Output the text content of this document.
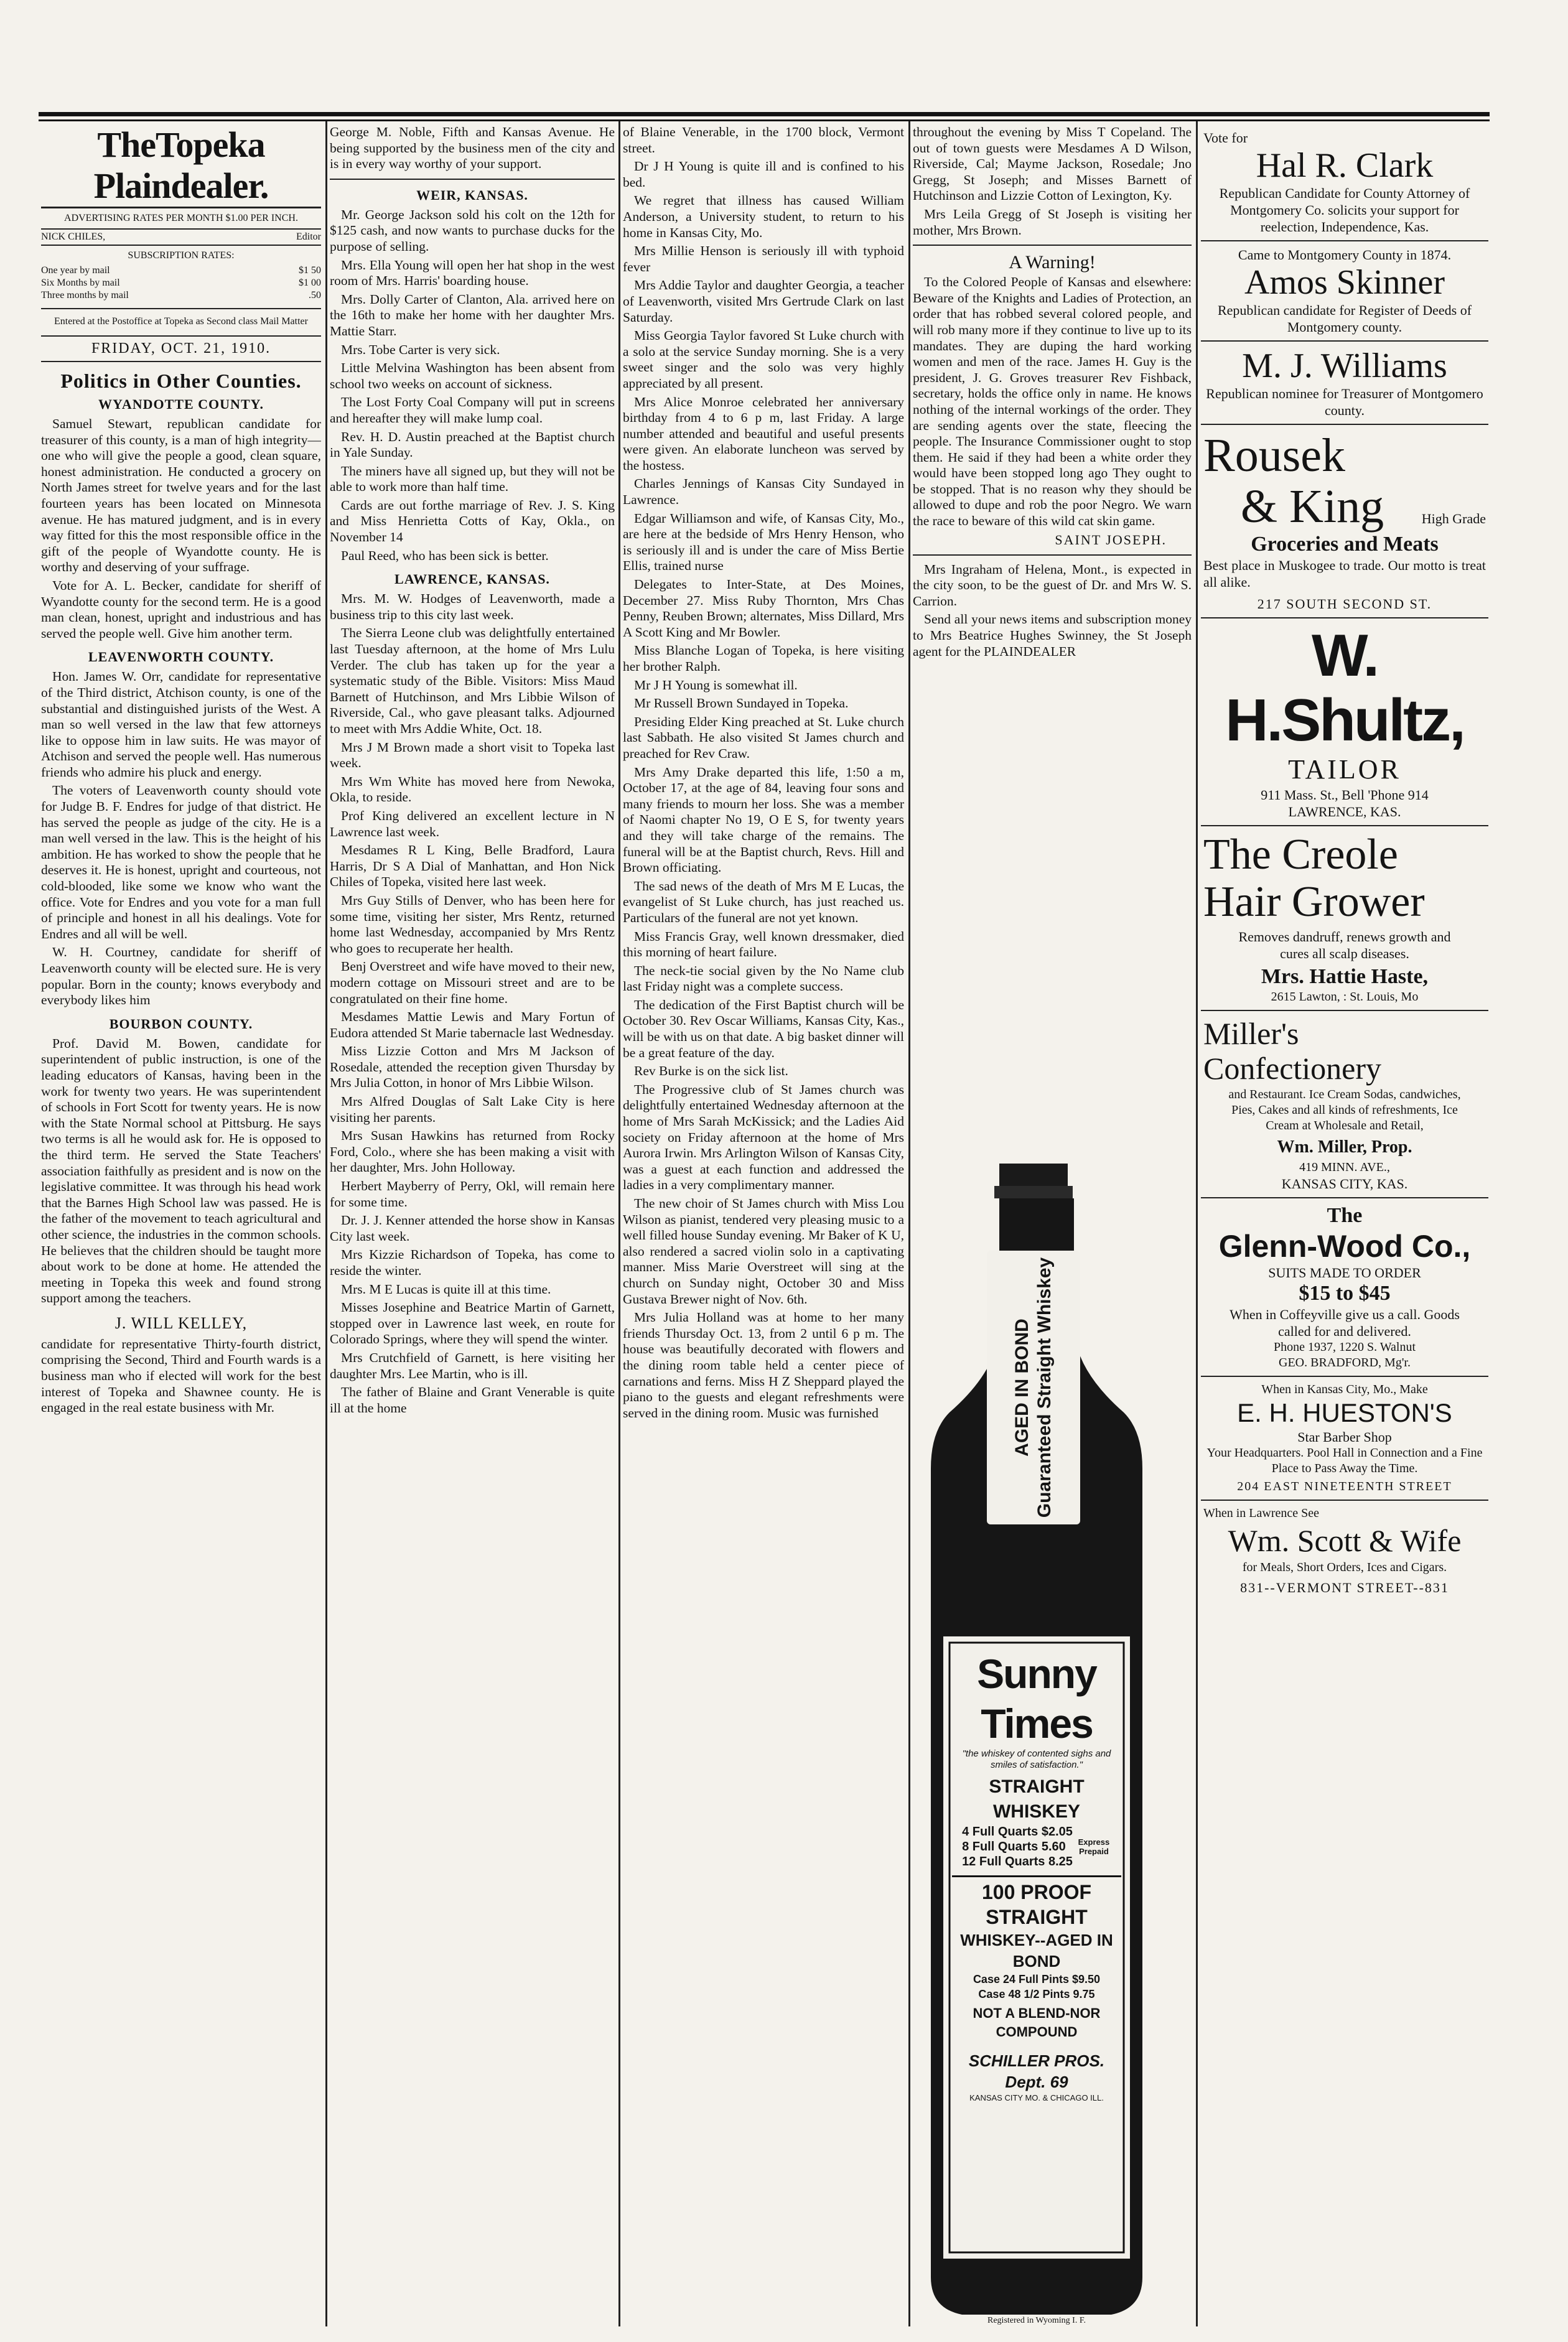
TheTopeka Plaindealer.

ADVERTISING RATES PER MONTH $1.00 PER INCH.

NICK CHILES,	Editor

SUBSCRIPTION RATES:

One year by mail	$1 50
Six Months by mail	$1 00
Three months by mail	.50

Entered at the Postoffice at Topeka as Second class Mail Matter

FRIDAY, OCT. 21, 1910.
Politics in Other Counties.
WYANDOTTE COUNTY.

Samuel Stewart, republican candidate for treasurer of this county, is a man of high integrity—one who will give the people a good, clean square, honest administration. He conducted a grocery on North James street for twelve years and for the last fourteen years has been located on Minnesota avenue. He has matured judgment, and is in every way fitted for this the most responsible office in the gift of the people of Wyandotte county. He is worthy and deserving of your suffrage.

Vote for A. L. Becker, candidate for sheriff of Wyandotte county for the second term. He is a good man clean, honest, upright and industrious and has served the people well. Give him another term.

LEAVENWORTH COUNTY.

Hon. James W. Orr, candidate for representative of the Third district, Atchison county, is one of the substantial and distinguished jurists of the West. A man so well versed in the law that few attorneys like to oppose him in law suits. He was mayor of Atchison and served the people well. Has numerous friends who admire his pluck and energy.

The voters of Leavenworth county should vote for Judge B. F. Endres for judge of that district. He has served the people as judge of the city. He is a man well versed in the law. This is the height of his ambition. He has worked to show the people that he deserves it. He is honest, upright and courteous, not cold-blooded, like some we know who want the office. Vote for Endres and you vote for a man full of principle and honest in all his dealings. Vote for Endres and all will be well.

W. H. Courtney, candidate for sheriff of Leavenworth county will be elected sure. He is very popular. Born in the county; knows everybody and everybody likes him

BOURBON COUNTY.

Prof. David M. Bowen, candidate for superintendent of public instruction, is one of the leading educators of Kansas, having been in the work for twenty two years. He was superintendent of schools in Fort Scott for twenty years. He is now with the State Normal school at Pittsburg. He says two terms is all he would ask for. He is opposed to the third term. He served the State Teachers' association faithfully as president and is now on the legislative committee. It was through his head work that the Barnes High School law was passed. He is the father of the movement to teach agricultural and other science, the industries in the common schools. He believes that the children should be taught more about work to be done at home. He attended the meeting in Topeka this week and found strong support among the teachers.

J. WILL KELLEY,

candidate for representative Thirty-fourth district, comprising the Second, Third and Fourth wards is a business man who if elected will work for the best interest of Topeka and Shawnee county. He is engaged in the real estate business with Mr.

George M. Noble, Fifth and Kansas Avenue. He being supported by the business men of the city and is in every way worthy of your support.

WEIR, KANSAS.

Mr. George Jackson sold his colt on the 12th for $125 cash, and now wants to purchase ducks for the purpose of selling.

Mrs. Ella Young will open her hat shop in the west room of Mrs. Harris' boarding house.

Mrs. Dolly Carter of Clanton, Ala. arrived here on the 16th to make her home with her daughter Mrs. Mattie Starr.

Mrs. Tobe Carter is very sick.

Little Melvina Washington has been absent from school two weeks on account of sickness.

The Lost Forty Coal Company will put in screens and hereafter they will make lump coal.

Rev. H. D. Austin preached at the Baptist church in Yale Sunday.

The miners have all signed up, but they will not be able to work more than half time.

Cards are out forthe marriage of Rev. J. S. King and Miss Henrietta Cotts of Kay, Okla., on November 14

Paul Reed, who has been sick is better.

LAWRENCE, KANSAS.

Mrs. M. W. Hodges of Leavenworth, made a business trip to this city last week.

The Sierra Leone club was delightfully entertained last Tuesday afternoon, at the home of Mrs Lulu Verder. The club has taken up for the year a systematic study of the Bible. Visitors: Miss Maud Barnett of Hutchinson, and Mrs Libbie Wilson of Riverside, Cal., who gave pleasant talks. Adjourned to meet with Mrs Addie White, Oct. 18.

Mrs J M Brown made a short visit to Topeka last week.

Mrs Wm White has moved here from Newoka, Okla, to reside.

Prof King delivered an excellent lecture in N Lawrence last week.

Mesdames R L King, Belle Bradford, Laura Harris, Dr S A Dial of Manhattan, and Hon Nick Chiles of Topeka, visited here last week.

Mrs Guy Stills of Denver, who has been here for some time, visiting her sister, Mrs Rentz, returned home last Wednesday, accompanied by Mrs Rentz who goes to recuperate her health.

Benj Overstreet and wife have moved to their new, modern cottage on Missouri street and are to be congratulated on their fine home.

Mesdames Mattie Lewis and Mary Fortun of Eudora attended St Marie tabernacle last Wednesday.

Miss Lizzie Cotton and Mrs M Jackson of Rosedale, attended the reception given Thursday by Mrs Julia Cotton, in honor of Mrs Libbie Wilson.

Mrs Alfred Douglas of Salt Lake City is here visiting her parents.

Mrs Susan Hawkins has returned from Rocky Ford, Colo., where she has been making a visit with her daughter, Mrs. John Holloway.

Herbert Mayberry of Perry, Okl, will remain here for some time.

Dr. J. J. Kenner attended the horse show in Kansas City last week.

Mrs Kizzie Richardson of Topeka, has come to reside the winter.

Mrs. M E Lucas is quite ill at this time.

Misses Josephine and Beatrice Martin of Garnett, stopped over in Lawrence last week, en route for Colorado Springs, where they will spend the winter.

Mrs Crutchfield of Garnett, is here visiting her daughter Mrs. Lee Martin, who is ill.

The father of Blaine and Grant Venerable is quite ill at the home

of Blaine Venerable, in the 1700 block, Vermont street.

Dr J H Young is quite ill and is confined to his bed.

We regret that illness has caused William Anderson, a University student, to return to his home in Kansas City, Mo.

Mrs Millie Henson is seriously ill with typhoid fever

Mrs Addie Taylor and daughter Georgia, a teacher of Leavenworth, visited Mrs Gertrude Clark on last Saturday.

Miss Georgia Taylor favored St Luke church with a solo at the service Sunday morning. She is a very sweet singer and the solo was very highly appreciated by all present.

Mrs Alice Monroe celebrated her anniversary birthday from 4 to 6 p m, last Friday. A large number attended and beautiful and useful presents were given. An elaborate luncheon was served by the hostess.

Charles Jennings of Kansas City Sundayed in Lawrence.

Edgar Williamson and wife, of Kansas City, Mo., are here at the bedside of Mrs Henry Henson, who is seriously ill and is under the care of Miss Bertie Ellis, trained nurse

Delegates to Inter-State, at Des Moines, December 27. Miss Ruby Thornton, Mrs Chas Penny, Reuben Brown; alternates, Miss Dillard, Mrs A Scott King and Mr Bowler.

Miss Blanche Logan of Topeka, is here visiting her brother Ralph.

Mr J H Young is somewhat ill.

Mr Russell Brown Sundayed in Topeka.

Presiding Elder King preached at St. Luke church last Sabbath. He also visited St James church and preached for Rev Craw.

Mrs Amy Drake departed this life, 1:50 a m, October 17, at the age of 84, leaving four sons and many friends to mourn her loss. She was a member of Naomi chapter No 19, O E S, for twenty years and they will take charge of the remains. The funeral will be at the Baptist church, Revs. Hill and Brown officiating.

The sad news of the death of Mrs M E Lucas, the evangelist of St Luke church, has just reached us. Particulars of the funeral are not yet known.

Miss Francis Gray, well known dressmaker, died this morning of heart failure.

The neck-tie social given by the No Name club last Friday night was a complete success.

The dedication of the First Baptist church will be October 30. Rev Oscar Williams, Kansas City, Kas., will be with us on that date. A big basket dinner will be a great feature of the day.

Rev Burke is on the sick list.

The Progressive club of St James church was delightfully entertained Wednesday afternoon at the home of Mrs Sarah McKissick; and the Ladies Aid society on Friday afternoon at the home of Mrs Aurora Irwin. Mrs Arlington Wilson of Kansas City, was a guest at each function and addressed the ladies in a very complimentary manner.

The new choir of St James church with Miss Lou Wilson as pianist, tendered very pleasing music to a well filled house Sunday evening. Mr Baker of K U, also rendered a sacred violin solo in a captivating manner. Miss Marie Overstreet will sing at the church on Sunday night, October 30 and Miss Gustava Brewer night of Nov. 6th.

Mrs Julia Holland was at home to her many friends Thursday Oct. 13, from 2 until 6 p m. The house was beautifully decorated with flowers and the dining room table held a center piece of carnations and ferns. Miss H Z Sheppard played the piano to the guests and elegant refreshments were served in the dining room. Music was furnished

throughout the evening by Miss T Copeland. The out of town guests were Mesdames A D Wilson, Riverside, Cal; Mayme Jackson, Rosedale; Jno Gregg, St Joseph; and Misses Barnett of Hutchinson and Lizzie Cotton of Lexington, Ky.

Mrs Leila Gregg of St Joseph is visiting her mother, Mrs Brown.

A Warning!

To the Colored People of Kansas and elsewhere: Beware of the Knights and Ladies of Protection, an order that has robbed several colored people, and will rob many more if they continue to live up to its mandates. They are duping the hard working women and men of the race. James H. Guy is the president, J. G. Groves treasurer Rev Fishback, secretary, holds the office only in name. He knows nothing of the internal workings of the order. They are sending agents over the state, fleecing the people. The Insurance Commissioner ought to stop them. He said if they had been a white order they would have been stopped long ago They ought to be stopped. That is no reason why they should be allowed to dupe and rob the poor Negro. We warn the race to beware of this wild cat skin game.

SAINT JOSEPH.

Mrs Ingraham of Helena, Mont., is expected in the city soon, to be the guest of Dr. and Mrs W. S. Carrion.

Send all your news items and subscription money to Mrs Beatrice Hughes Swinney, the St Joseph agent for the PLAINDEALER

AGED IN BOND Guaranteed Straight Whiskey
Sunny Times
"the whiskey of contented sighs and smiles of satisfaction."
STRAIGHT WHISKEY
4 Full Quarts $2.05
8 Full Quarts 5.60
12 Full Quarts 8.25
Express Prepaid
100 PROOF STRAIGHT
WHISKEY--AGED IN BOND
Case 24 Full Pints $9.50
Case 48 1/2 Pints 9.75
NOT A BLEND-NOR COMPOUND
SCHILLER PROS. Dept. 69
KANSAS CITY MO. & CHICAGO ILL.
Registered in Wyoming I. F.
Vote for
Hal R. Clark
Republican Candidate for County Attorney of Montgomery Co. solicits your support for reelection, Independence, Kas.
Came to Montgomery County in 1874.
Amos Skinner
Republican candidate for Register of Deeds of Montgomery county.
M. J. Williams
Republican nominee for Treasurer of Montgomero county.
Rousek
& King	High Grade
Groceries and Meats
Best place in Muskogee to trade. Our motto is treat all alike.
217 SOUTH SECOND ST.
W. H.Shultz,
TAILOR
911 Mass. St., Bell 'Phone 914
LAWRENCE, KAS.
The Creole
Hair Grower
Removes dandruff, renews growth and cures all scalp diseases.
Mrs. Hattie Haste,
2615 Lawton, : St. Louis, Mo
Miller's
Confectionery
and Restaurant. Ice Cream Sodas, candwiches, Pies, Cakes and all kinds of refreshments, Ice Cream at Wholesale and Retail,
Wm. Miller, Prop.
419 MINN. AVE.,
KANSAS CITY, KAS.
The
Glenn-Wood Co.,
SUITS MADE TO ORDER
$15 to $45
When in Coffeyville give us a call. Goods called for and delivered.
Phone 1937, 1220 S. Walnut
GEO. BRADFORD, Mg'r.
When in Kansas City, Mo., Make
E. H. HUESTON'S
Star Barber Shop
Your Headquarters. Pool Hall in Connection and a Fine Place to Pass Away the Time.
204 EAST NINETEENTH STREET
When in Lawrence See
Wm. Scott & Wife
for Meals, Short Orders, Ices and Cigars.
831--VERMONT STREET--831
